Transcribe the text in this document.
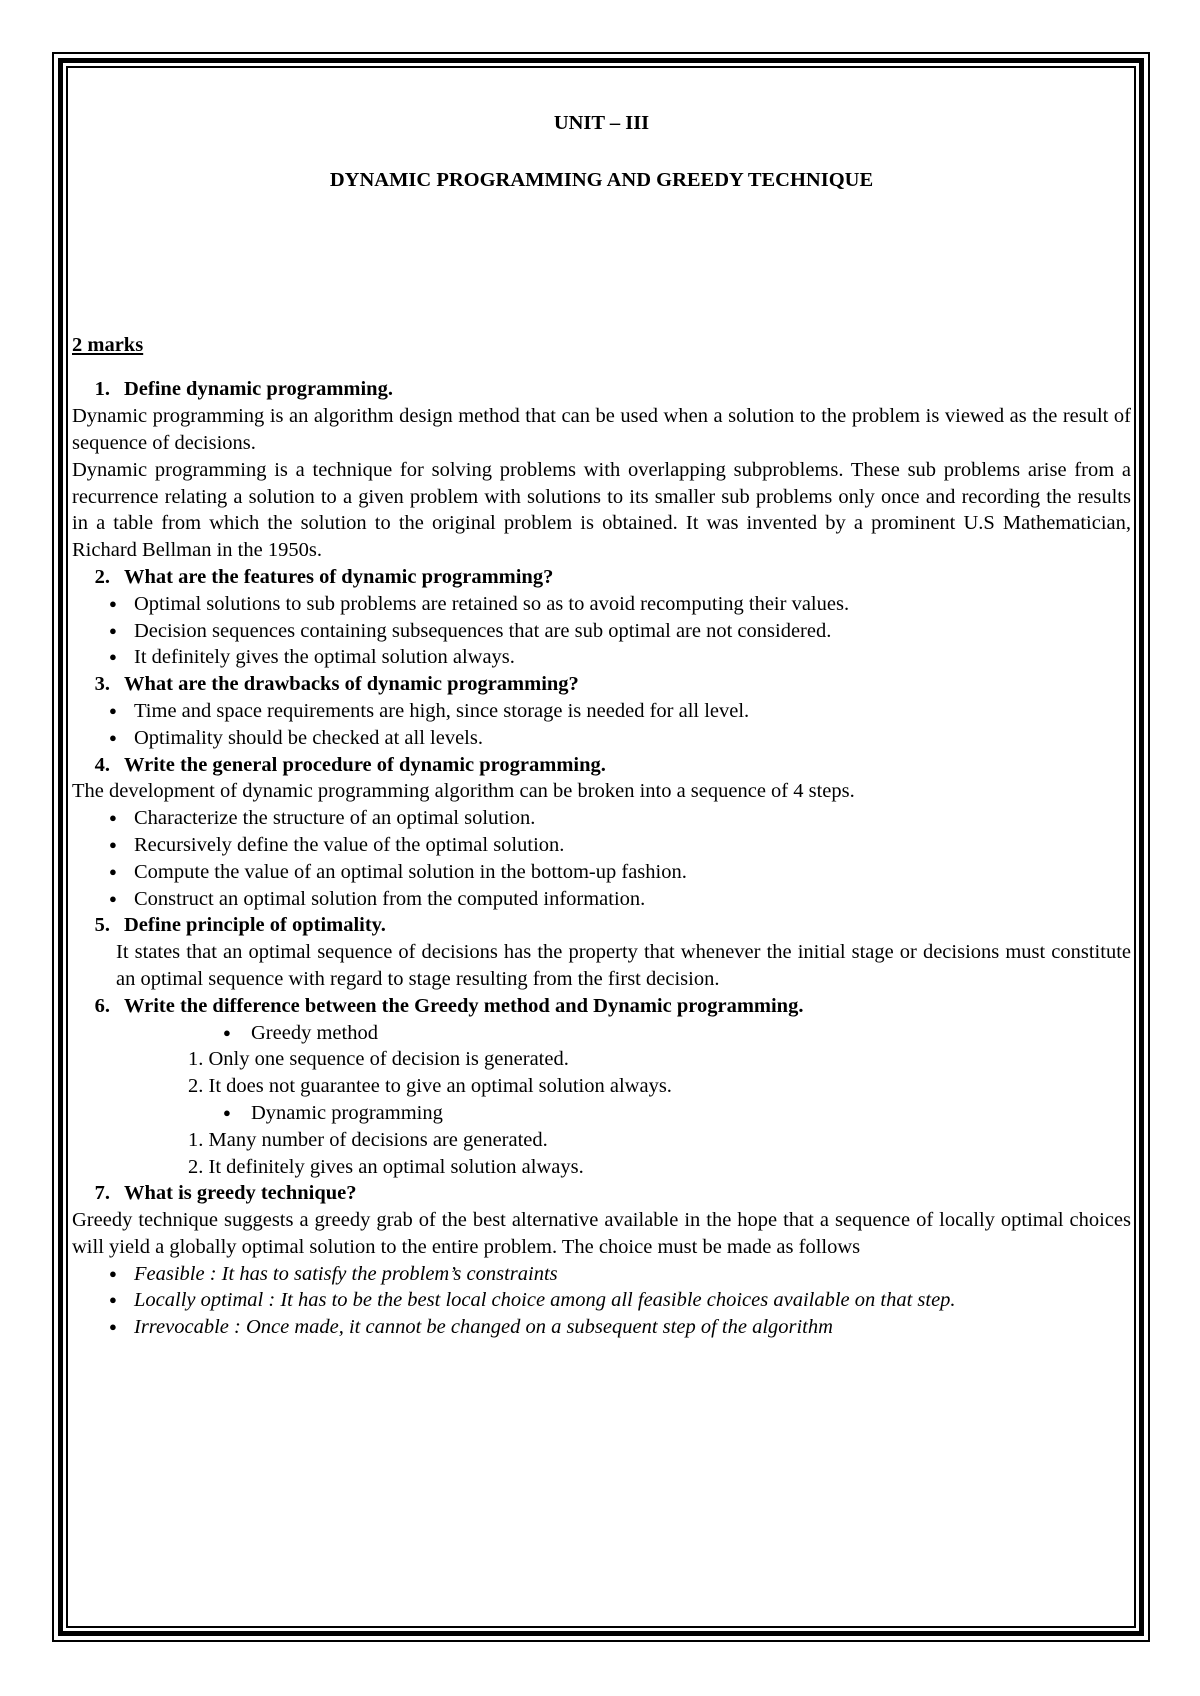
UNIT – III
DYNAMIC PROGRAMMING AND GREEDY TECHNIQUE
2 marks
1. Define dynamic programming.
Dynamic programming is an algorithm design method that can be used when a solution to the problem is viewed as the result of sequence of decisions.
Dynamic programming is a technique for solving problems with overlapping subproblems. These sub problems arise from a recurrence relating a solution to a given problem with solutions to its smaller sub problems only once and recording the results in a table from which the solution to the original problem is obtained. It was invented by a prominent U.S Mathematician, Richard Bellman in the 1950s.
2. What are the features of dynamic programming?
● Optimal solutions to sub problems are retained so as to avoid recomputing their values.
● Decision sequences containing subsequences that are sub optimal are not considered.
● It definitely gives the optimal solution always.
3. What are the drawbacks of dynamic programming?
● Time and space requirements are high, since storage is needed for all level.
● Optimality should be checked at all levels.
4. Write the general procedure of dynamic programming.
The development of dynamic programming algorithm can be broken into a sequence of 4 steps.
● Characterize the structure of an optimal solution.
● Recursively define the value of the optimal solution.
● Compute the value of an optimal solution in the bottom-up fashion.
● Construct an optimal solution from the computed information.
5. Define principle of optimality.
It states that an optimal sequence of decisions has the property that whenever the initial stage or decisions must constitute an optimal sequence with regard to stage resulting from the first decision.
6. Write the difference between the Greedy method and Dynamic programming.
● Greedy method
1. Only one sequence of decision is generated.
2. It does not guarantee to give an optimal solution always.
● Dynamic programming
1. Many number of decisions are generated.
2. It definitely gives an optimal solution always.
7. What is greedy technique?
Greedy technique suggests a greedy grab of the best alternative available in the hope that a sequence of locally optimal choices will yield a globally optimal solution to the entire problem. The choice must be made as follows
● Feasible : It has to satisfy the problem’s constraints
● Locally optimal : It has to be the best local choice among all feasible choices available on that step.
● Irrevocable : Once made, it cannot be changed on a subsequent step of the algorithm
